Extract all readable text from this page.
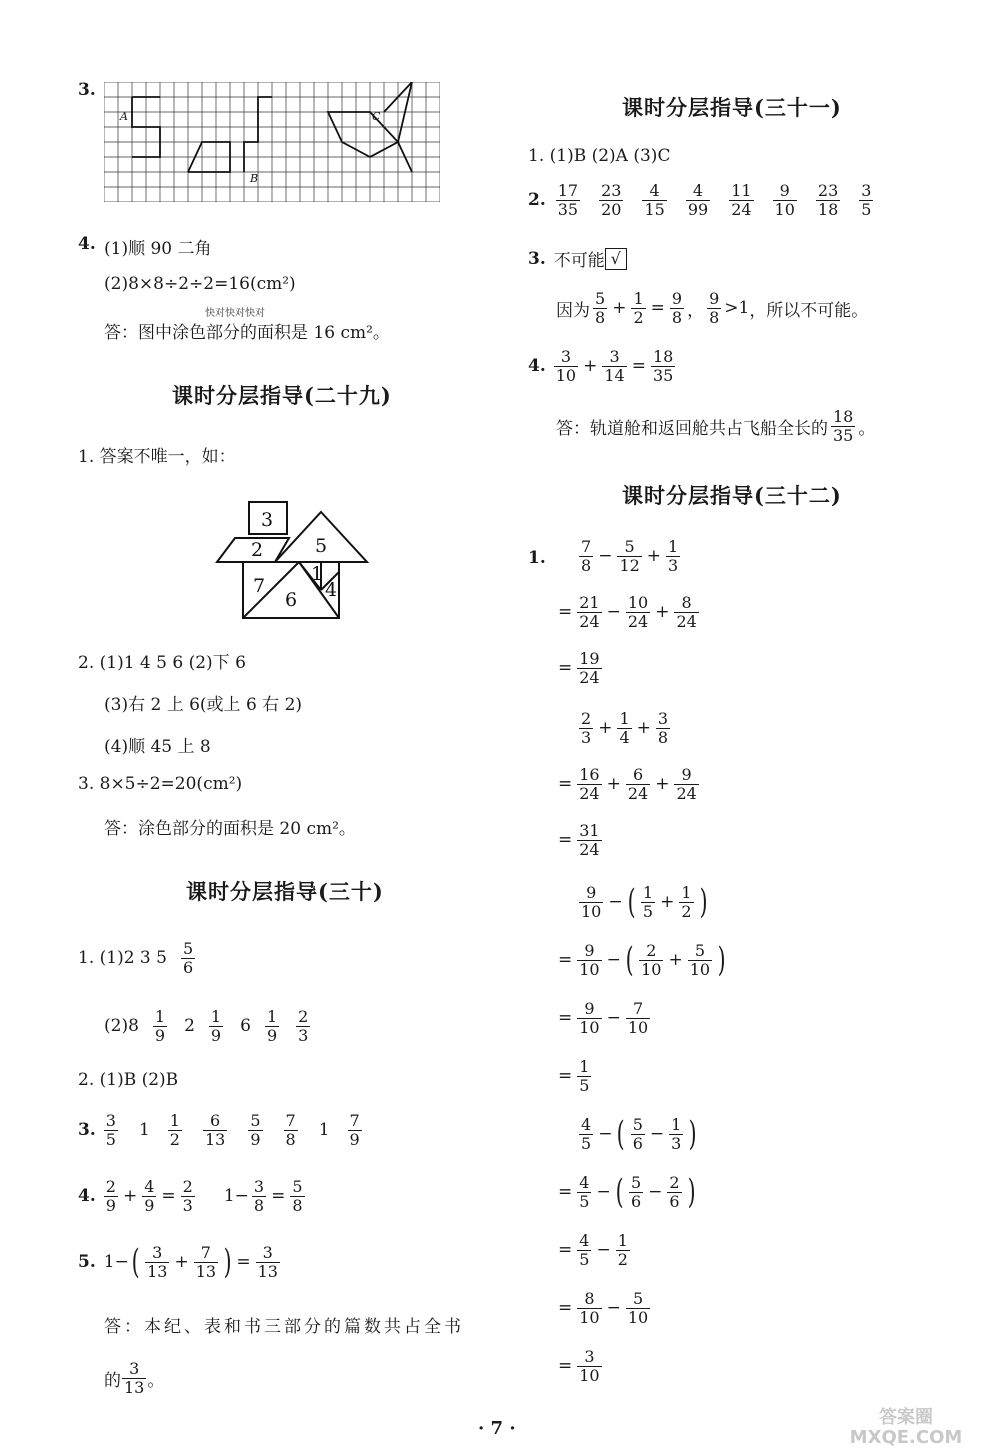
3.
A
B
C
4. (1)顺 90 二角
(2)8×8÷2÷2=16(cm²)
快对快对快对
答：图中涂色部分的面积是 16 cm²。
课时分层指导(二十九)
1. 答案不唯一，如：
3
2	5
7
6
1
4
2. (1)1 4 5 6 (2)下 6
(3)右 2 上 6(或上 6 右 2)
(4)顺 45 上 8
3. 8×5÷2=20(cm²)
答：涂色部分的面积是 20 cm²。
课时分层指导(三十)
1. (1)2 3 $5 \frac{5}{6}$
$(2)8 \frac{1}{9} 2 \frac{1}{9} 6 \frac{1}{9} \frac{2}{3}$
2. (1)B (2)B
3. $\frac{3}{5} 1 \frac{1}{2} \frac{6}{13} \frac{5}{9} \frac{7}{8} 1 \frac{7}{9}$
4. $\frac{2}{9} + \frac{4}{9} = \frac{2}{3} 1- \frac{3}{8} = \frac{5}{8}$
5. 1− ( $\frac{3}{13} + \frac{7}{13}$ ) = $\frac{3}{13}$
答：本纪、表和书三部分的篇数共占全书
的 $\frac{3}{13}$ 。
课时分层指导(三十一)
1. (1)B (2)A (3)C
2. $\frac{17}{35} \frac{23}{20} \frac{4}{15} \frac{4}{99} \frac{11}{24} \frac{9}{10} \frac{23}{18} \frac{3}{5}$
3. 不可能 √
因为 $\frac{5}{8} + \frac{1}{2} = \frac{9}{8}$ ， $\frac{9}{8} >1$ ，所以不可能。
4. $\frac{3}{10} + \frac{3}{14} = \frac{18}{35}$
答：轨道舱和返回舱共占飞船全长的 $\frac{18}{35}$ 。
课时分层指导(三十二)
1. $\frac{7}{8} - \frac{5}{12} + \frac{1}{3}$
= $\frac{21}{24} - \frac{10}{24} + \frac{8}{24}$
= $\frac{19}{24}$
$\frac{2}{3} + \frac{1}{4} + \frac{3}{8}$
= $\frac{16}{24} + \frac{6}{24} + \frac{9}{24}$
= $\frac{31}{24}$
$\frac{9}{10}$ − ( $\frac{1}{5} + \frac{1}{2}$ )
= $\frac{9}{10}$ − ( $\frac{2}{10} + \frac{5}{10}$ )
= $\frac{9}{10} - \frac{7}{10}$
= $\frac{1}{5}$
$\frac{4}{5}$ − ( $\frac{5}{6} - \frac{1}{3}$ )
= $\frac{4}{5}$ − ( $\frac{5}{6} - \frac{2}{6}$ )
= $\frac{4}{5} - \frac{1}{2}$
= $\frac{8}{10} - \frac{5}{10}$
= $\frac{3}{10}$
· 7 ·
答案圈 MXQE.COM
